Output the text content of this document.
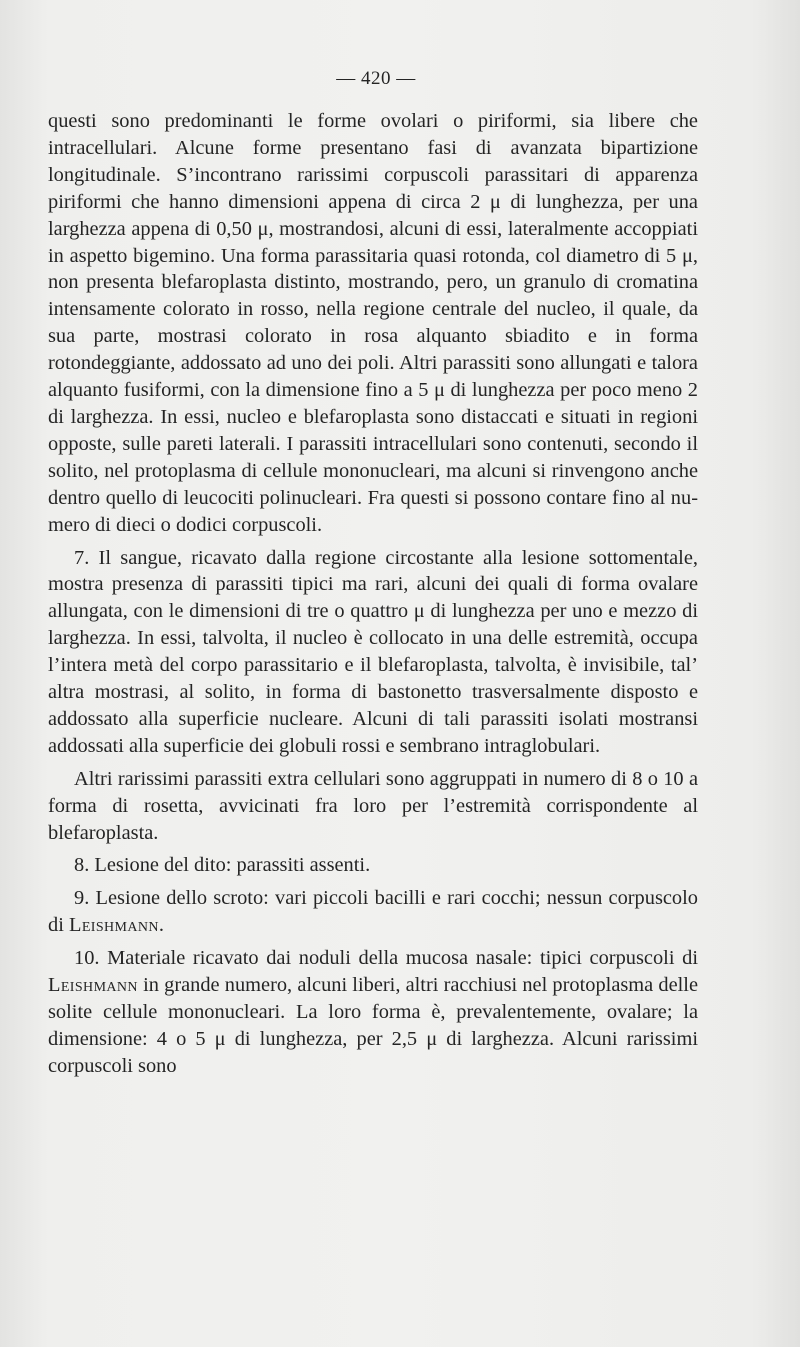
— 420 —

questi sono predominanti le forme ovolari o piriformi, sia libere che intracellulari. Alcune forme presentano fasi di avanzata bipartizione longitudinale. S’incontrano rarissimi corpuscoli parassitari di apparenza piriformi che hanno dimensioni appena di circa 2 μ di lunghezza, per una larghezza appena di 0,50 μ, mostrandosi, alcuni di essi, lateralmente accoppiati in aspetto bigemino. Una forma parassitaria quasi rotonda, col diametro di 5 μ, non presenta blefaroplasta distinto, mostrando, pero, un granulo di cromatina intensamente colorato in rosso, nella regione centrale del nucleo, il quale, da sua parte, mostrasi colorato in rosa alquanto sbiadito e in forma rotondeggiante, addossato ad uno dei poli. Altri parassiti sono allungati e talora alquanto fusiformi, con la dimensione fino a 5 μ di lunghezza per poco meno 2 di larghezza. In essi, nucleo e blefaroplasta sono distaccati e situati in regioni opposte, sulle pareti laterali. I parassiti intracellulari sono contenuti, secondo il solito, nel protoplasma di cellule mononucleari, ma alcuni si rinvengono anche dentro quello di leucociti polinucleari. Fra questi si possono contare fino al numero di dieci o dodici corpuscoli.

7. Il sangue, ricavato dalla regione circostante alla lesione sottomentale, mostra presenza di parassiti tipici ma rari, alcuni dei quali di forma ovalare allungata, con le dimensioni di tre o quattro μ di lunghezza per uno e mezzo di larghezza. In essi, talvolta, il nucleo è collocato in una delle estremità, occupa l’intera metà del corpo parassitario e il blefaroplasta, talvolta, è invisibile, tal’ altra mostrasi, al solito, in forma di bastonetto trasversalmente disposto e addossato alla superficie nucleare. Alcuni di tali parassiti isolati mostransi addossati alla superficie dei globuli rossi e sembrano intraglobulari.

Altri rarissimi parassiti extra cellulari sono aggruppati in numero di 8 o 10 a forma di rosetta, avvicinati fra loro per l’estremità corrispondente al blefaroplasta.

8. Lesione del dito: parassiti assenti.

9. Lesione dello scroto: vari piccoli bacilli e rari cocchi; nessun corpuscolo di Leishmann.

10. Materiale ricavato dai noduli della mucosa nasale: tipici corpuscoli di Leishmann in grande numero, alcuni liberi, altri racchiusi nel protoplasma delle solite cellule mononucleari. La loro forma è, prevalentemente, ovalare; la dimensione: 4 o 5 μ di lunghezza, per 2,5 μ di larghezza. Alcuni rarissimi corpuscoli sono
